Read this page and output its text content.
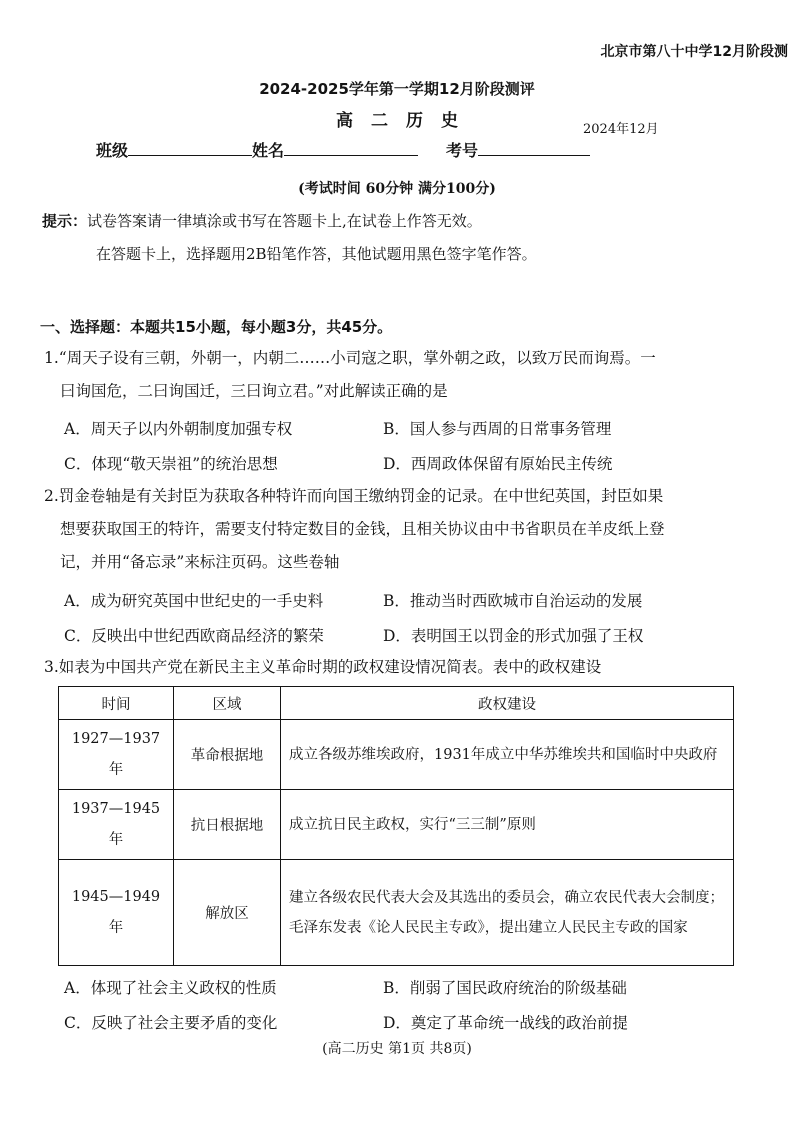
北京市第八十中学12月阶段测
2024-2025学年第一学期12月阶段测评
高二历史	2024年12月
班级	姓名	考号
(考试时间 60分钟 满分100分)
提示：试卷答案请一律填涂或书写在答题卡上,在试卷上作答无效。
在答题卡上，选择题用2B铅笔作答，其他试题用黑色签字笔作答。
一、选择题：本题共15小题，每小题3分，共45分。
1.“周天子设有三朝，外朝一，内朝二……小司寇之职，掌外朝之政，以致万民而询焉。一
曰询国危，二曰询国迁，三曰询立君。”对此解读正确的是
A．周天子以内外朝制度加强专权	B．国人参与西周的日常事务管理
C．体现“敬天崇祖”的统治思想	D．西周政体保留有原始民主传统
2.罚金卷轴是有关封臣为获取各种特许而向国王缴纳罚金的记录。在中世纪英国，封臣如果
想要获取国王的特许，需要支付特定数目的金钱，且相关协议由中书省职员在羊皮纸上登
记，并用“备忘录”来标注页码。这些卷轴
A．成为研究英国中世纪史的一手史料	B．推动当时西欧城市自治运动的发展
C．反映出中世纪西欧商品经济的繁荣	D．表明国王以罚金的形式加强了王权
3.如表为中国共产党在新民主主义革命时期的政权建设情况简表。表中的政权建设
时间	区域	政权建设

1927—1937
年	革命根据地	成立各级苏维埃政府，1931年成立中华苏维埃共和国临时中央政府

1937—1945
年	抗日根据地	成立抗日民主政权，实行“三三制”原则

1945—1949
年	解放区	建立各级农民代表大会及其选出的委员会，确立农民代表大会制度；毛泽东发表《论人民民主专政》，提出建立人民民主专政的国家
A．体现了社会主义政权的性质	B．削弱了国民政府统治的阶级基础
C．反映了社会主要矛盾的变化	D．奠定了革命统一战线的政治前提
(高二历史 第1页 共8页)
